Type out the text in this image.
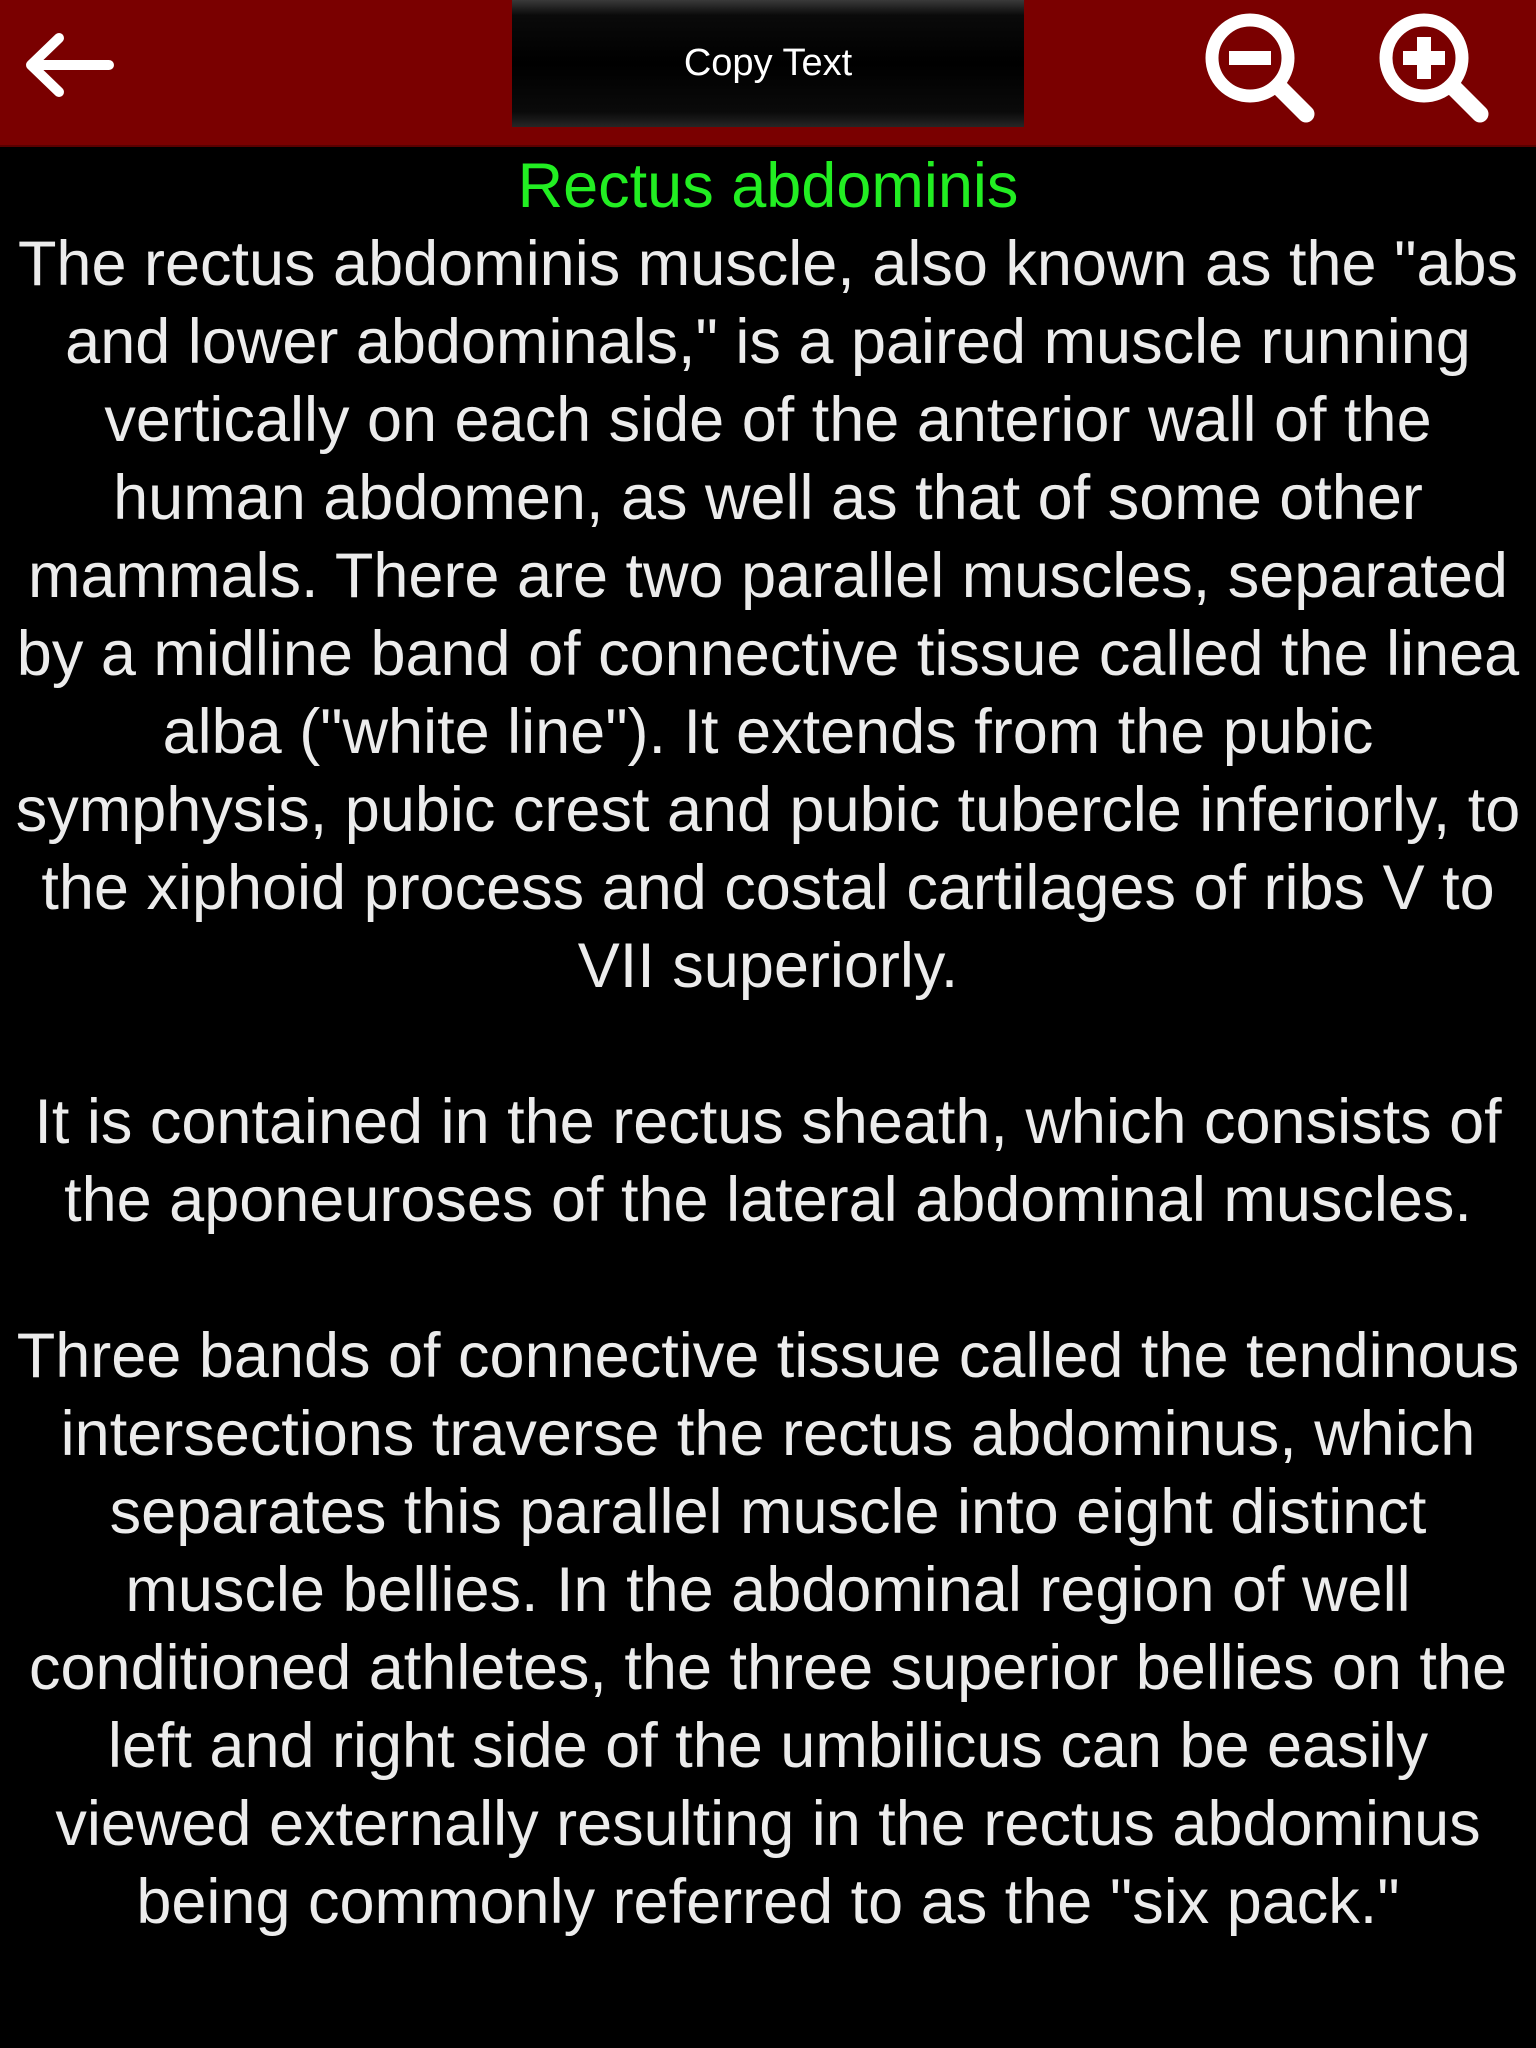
Copy Text
Rectus abdominis

The rectus abdominis muscle, also known as the "abs and lower abdominals," is a paired muscle running vertically on each side of the anterior wall of the human abdomen, as well as that of some other mammals. There are two parallel muscles, separated by a midline band of connective tissue called the linea alba ("white line"). It extends from the pubic symphysis, pubic crest and pubic tubercle inferiorly, to the xiphoid process and costal cartilages of ribs V to VII superiorly.

It is contained in the rectus sheath, which consists of the aponeuroses of the lateral abdominal muscles.

Three bands of connective tissue called the tendinous intersections traverse the rectus abdominus, which separates this parallel muscle into eight distinct muscle bellies. In the abdominal region of well conditioned athletes, the three superior bellies on the left and right side of the umbilicus can be easily viewed externally resulting in the rectus abdominus being commonly referred to as the "six pack."
